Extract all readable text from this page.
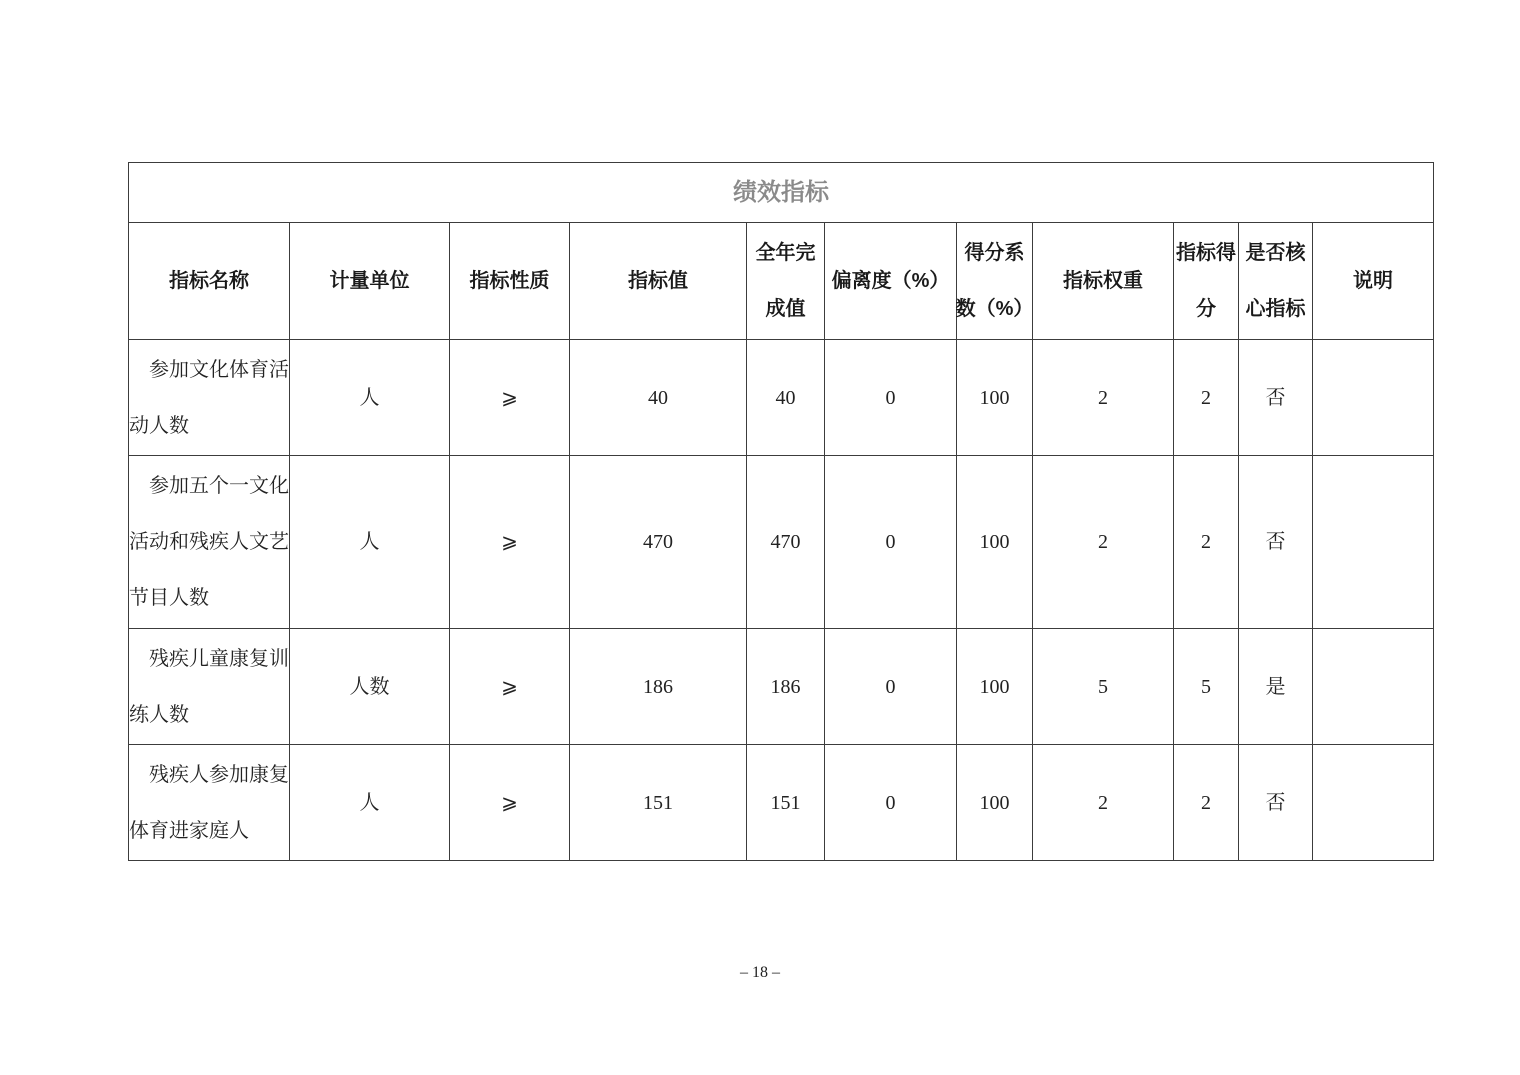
绩效指标										
指标名称	计量单位	指标性质	指标值	全年完成值	偏离度（%）	得分系数（%）	指标权重	指标得分	是否核心指标	说明
参加文化体育活动人数	人	⩾	40	40	0	100	2	2	否	
参加五个一文化活动和残疾人文艺节目人数	人	⩾	470	470	0	100	2	2	否	
残疾儿童康复训练人数	人数	⩾	186	186	0	100	5	5	是	
残疾人参加康复体育进家庭人	人	⩾	151	151	0	100	2	2	否	
– 18 –
